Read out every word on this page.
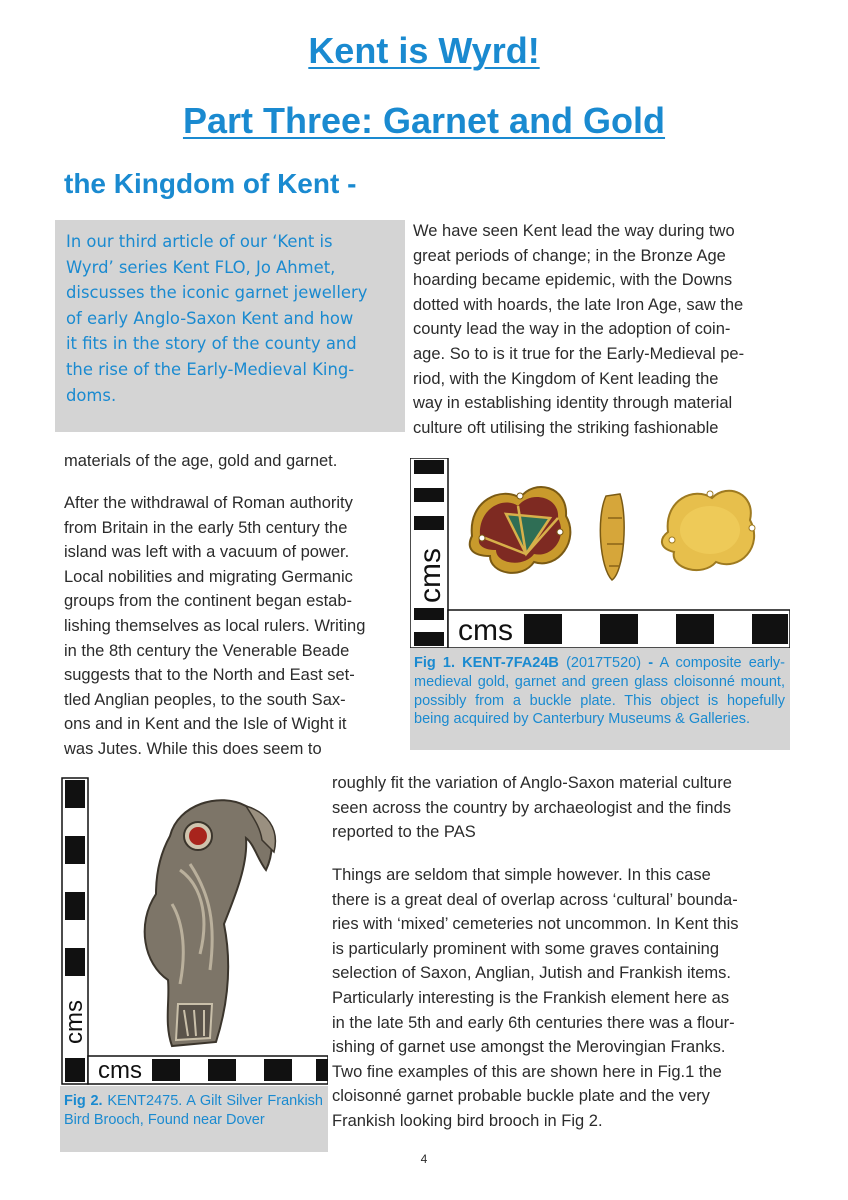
Kent is Wyrd!
Part Three: Garnet and Gold
the Kingdom of Kent -
In our third article of our ‘Kent is
Wyrd’ series Kent FLO, Jo Ahmet,
discusses the iconic garnet jewellery
of early Anglo-Saxon Kent and how
it fits in the story of the county and
the rise of the Early-Medieval King-
doms.
We have seen Kent lead the way during two
great periods of change; in the Bronze Age
hoarding became epidemic, with the Downs
dotted with hoards, the late Iron Age, saw the
county lead the way in the adoption of coin-
age. So to is it true for the Early-Medieval pe-
riod, with the Kingdom of Kent leading the
way in establishing identity through material
culture oft utilising the striking fashionable
materials of the age, gold and garnet.
After the withdrawal of Roman authority
from Britain in the early 5th century the
island was left with a vacuum of power.
Local nobilities and migrating Germanic
groups from the continent began estab-
lishing themselves as local rulers. Writing
in the 8th century the Venerable Beade
suggests that to the North and East set-
tled Anglian peoples, to the south Sax-
ons and in Kent and the Isle of Wight it
was Jutes. While this does seem to
cms
cms

Fig 1. KENT-7FA24B (2017T520) - A composite early-medieval gold, garnet and green glass cloisonné mount, possibly from a buckle plate. This object is hopefully being acquired by Canterbury Museums & Galleries.

cms
cms

Fig 2. KENT2475. A Gilt Silver Frankish Bird Brooch, Found near Dover

roughly fit the variation of Anglo-Saxon material culture
seen across the country by archaeologist and the finds
reported to the PAS
Things are seldom that simple however. In this case
there is a great deal of overlap across ‘cultural’ bounda-
ries with ‘mixed’ cemeteries not uncommon. In Kent this
is particularly prominent with some graves containing
selection of Saxon, Anglian, Jutish and Frankish items.
Particularly interesting is the Frankish element here as
in the late 5th and early 6th centuries there was a flour-
ishing of garnet use amongst the Merovingian Franks.
Two fine examples of this are shown here in Fig.1 the
cloisonné garnet probable buckle plate and the very
Frankish looking bird brooch in Fig 2.
4
